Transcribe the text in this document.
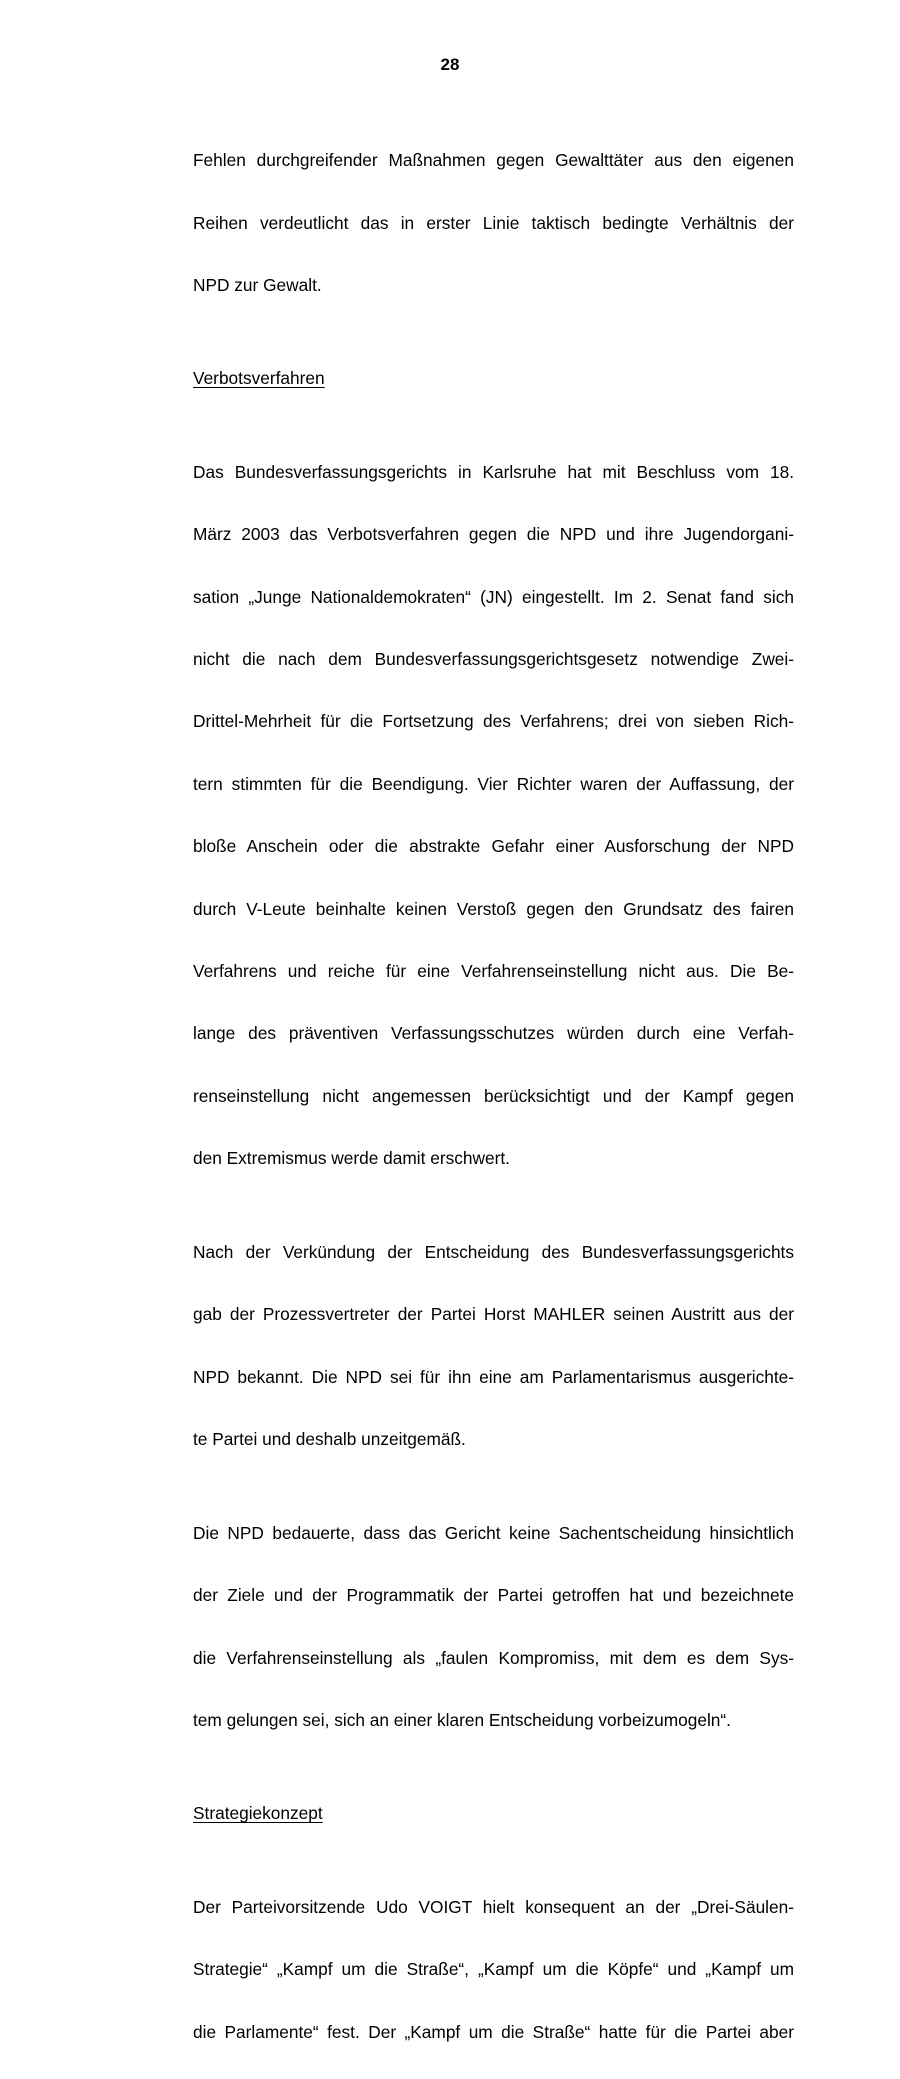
28

Fehlen durchgreifender Maßnahmen gegen Gewalttäter aus den eigenen

Reihen verdeutlicht das in erster Linie taktisch bedingte Verhältnis der

NPD zur Gewalt.

Verbotsverfahren

Das Bundesverfassungsgerichts in Karlsruhe hat mit Beschluss vom 18.

März 2003 das Verbotsverfahren gegen die NPD und ihre Jugendorgani-

sation „Junge Nationaldemokraten“ (JN) eingestellt. Im 2. Senat fand sich

nicht die nach dem Bundesverfassungsgerichtsgesetz notwendige Zwei-

Drittel-Mehrheit für die Fortsetzung des Verfahrens; drei von sieben Rich-

tern stimmten für die Beendigung. Vier Richter waren der Auffassung, der

bloße Anschein oder die abstrakte Gefahr einer Ausforschung der NPD

durch V-Leute beinhalte keinen Verstoß gegen den Grundsatz des fairen

Verfahrens und reiche für eine Verfahrenseinstellung nicht aus. Die Be-

lange des präventiven Verfassungsschutzes würden durch eine Verfah-

renseinstellung nicht angemessen berücksichtigt und der Kampf gegen

den Extremismus werde damit erschwert.

Nach der Verkündung der Entscheidung des Bundesverfassungsgerichts

gab der Prozessvertreter der Partei Horst MAHLER seinen Austritt aus der

NPD bekannt. Die NPD sei für ihn eine am Parlamentarismus ausgerichte-

te Partei und deshalb unzeitgemäß.

Die NPD bedauerte, dass das Gericht keine Sachentscheidung hinsichtlich

der Ziele und der Programmatik der Partei getroffen hat und bezeichnete

die Verfahrenseinstellung als „faulen Kompromiss, mit dem es dem Sys-

tem gelungen sei, sich an einer klaren Entscheidung vorbeizumogeln“.

Strategiekonzept

Der Parteivorsitzende Udo VOIGT hielt konsequent an der „Drei-Säulen-

Strategie“ „Kampf um die Straße“, „Kampf um die Köpfe“ und „Kampf um

die Parlamente“ fest. Der „Kampf um die Straße“ hatte für die Partei aber
